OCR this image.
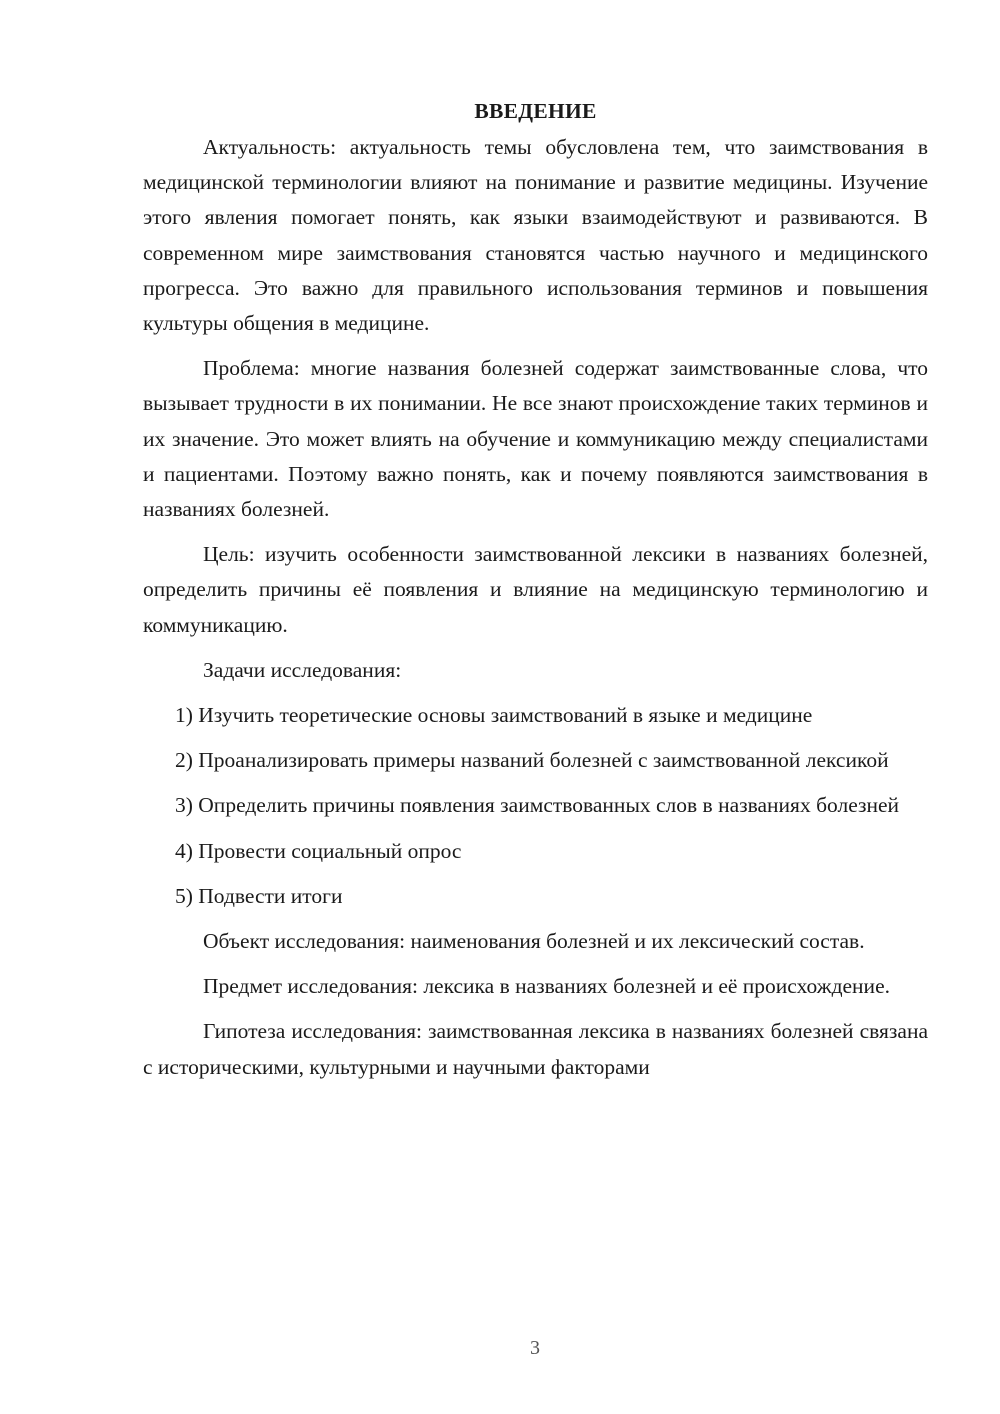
ВВЕДЕНИЕ

Актуальность: актуальность темы обусловлена тем, что заимствования в медицинской терминологии влияют на понимание и развитие медицины. Изучение этого явления помогает понять, как языки взаимодействуют и развиваются. В современном мире заимствования становятся частью научного и медицинского прогресса. Это важно для правильного использования терминов и повышения культуры общения в медицине.

Проблема: многие названия болезней содержат заимствованные слова, что вызывает трудности в их понимании. Не все знают происхождение таких терминов и их значение. Это может влиять на обучение и коммуникацию между специалистами и пациентами. Поэтому важно понять, как и почему появляются заимствования в названиях болезней.

Цель: изучить особенности заимствованной лексики в названиях болезней, определить причины её появления и влияние на медицинскую терминологию и коммуникацию.

Задачи исследования:

1) Изучить теоретические основы заимствований в языке и медицине

2) Проанализировать примеры названий болезней с заимствованной лексикой

3) Определить причины появления заимствованных слов в названиях болезней

4) Провести социальный опрос

5) Подвести итоги

Объект исследования: наименования болезней и их лексический состав.

Предмет исследования: лексика в названиях болезней и её происхождение.

Гипотеза исследования: заимствованная лексика в названиях болезней связана с историческими, культурными и научными факторами

3
